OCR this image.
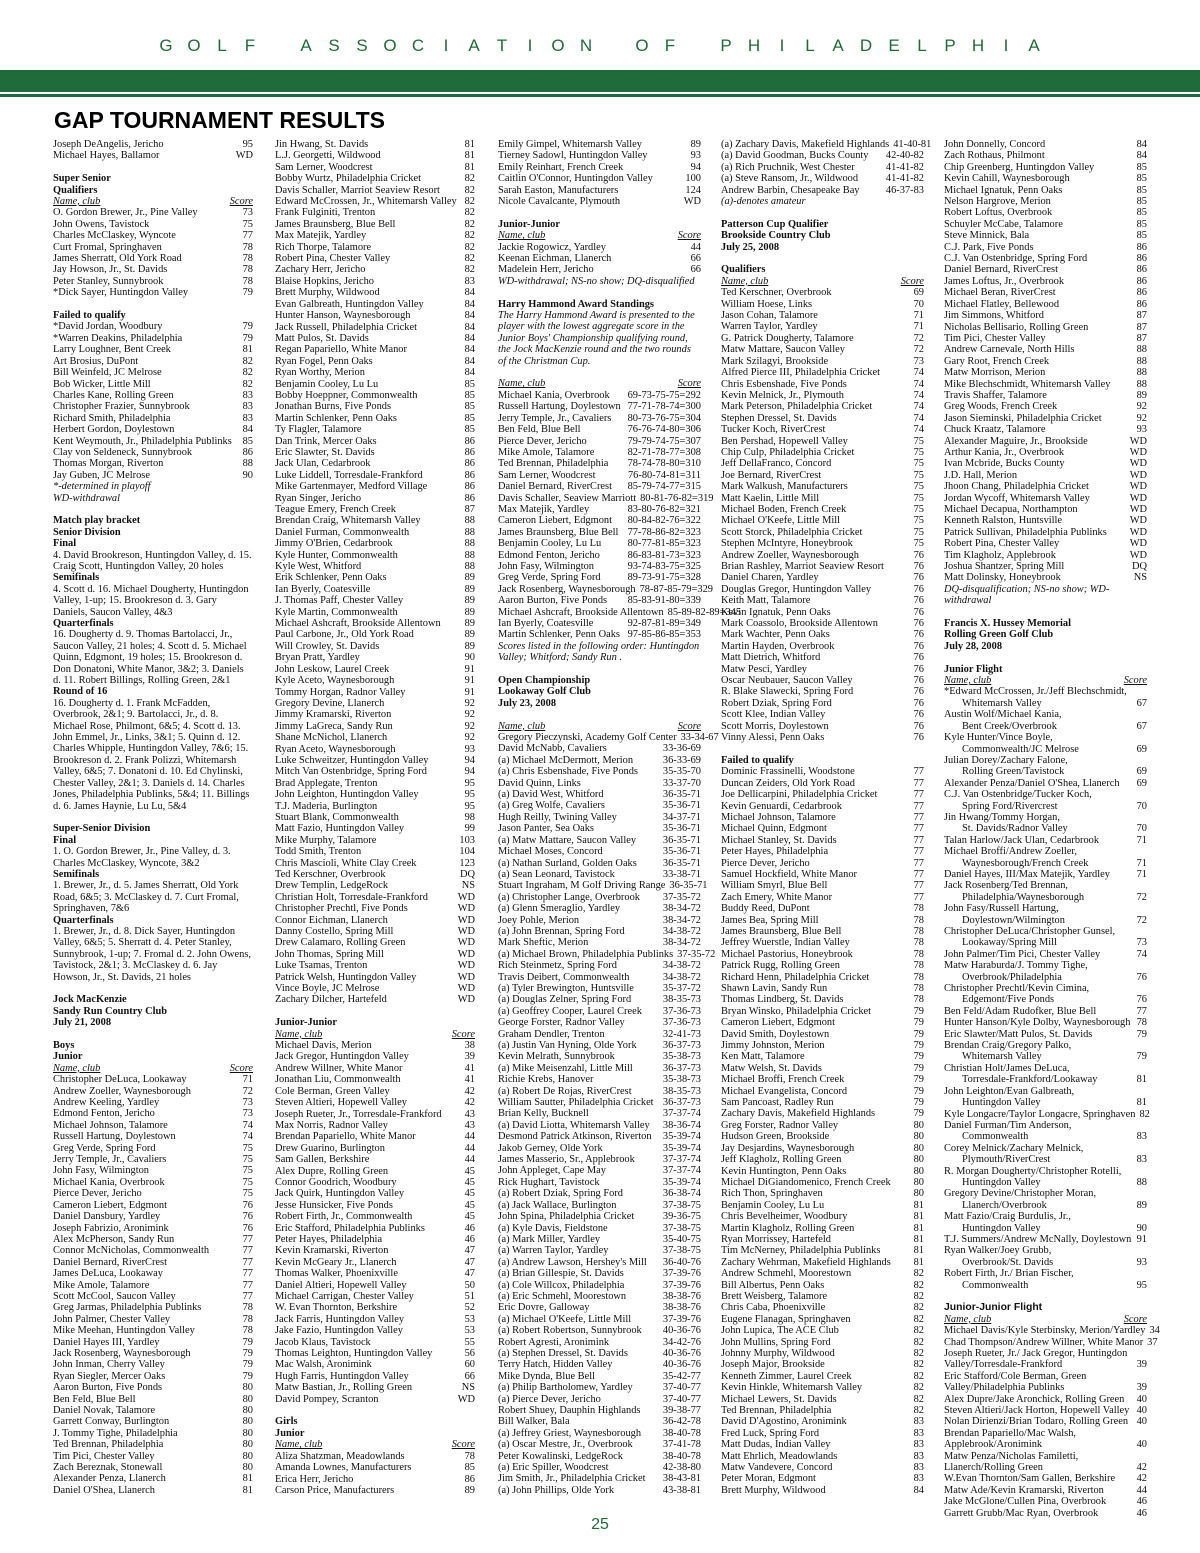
G O L F	A S S O C I A T I O N	O F	P H I L A D E L P H I A
GAP TOURNAMENT RESULTS
Joseph DeAngelis, Jericho	95
Michael Hayes, Ballamor	WD
Super Senior
Qualifiers
Name, club	Score
O. Gordon Brewer, Jr., Pine Valley	73
John Owens, Tavistock	75
Charles McClaskey, Wyncote	77
Curt Fromal, Springhaven	78
James Sherratt, Old York Road	78
Jay Howson, Jr., St. Davids	78
Peter Stanley, Sunnybrook	78
*Dick Sayer, Huntingdon Valley	79
Failed to qualify
*David Jordan, Woodbury	79
*Warren Deakins, Philadelphia	79
Larry Loughner, Bent Creek	81
Art Brosius, DuPont	82
Bill Weinfeld, JC Melrose	82
Bob Wicker, Little Mill	82
Charles Kane, Rolling Green	83
Christopher Frazier, Sunnybrook	83
Richard Smith, Philadelphia	83
Herbert Gordon, Doylestown	84
Kent Weymouth, Jr., Philadelphia Publinks	85
Clay von Seldeneck, Sunnybrook	86
Thomas Morgan, Riverton	88
Jay Guben, JC Melrose	90
*-determined in playoff
WD-withdrawal
Match play bracket
Senior Division
Final
4. David Brookreson, Huntingdon Valley, d. 15. Craig Scott, Huntingdon Valley, 20 holes
Semifinals
4. Scott d. 16. Michael Dougherty, Huntingdon Valley, 1-up; 15. Brookreson d. 3. Gary Daniels, Saucon Valley, 4&3
Quarterfinals
16. Dougherty d. 9. Thomas Bartolacci, Jr., Saucon Valley, 21 holes; 4. Scott d. 5. Michael Quinn, Edgmont, 19 holes; 15. Brookreson d. Don Donatoni, White Manor, 3&2; 3. Daniels d. 11. Robert Billings, Rolling Green, 2&1
Round of 16
16. Dougherty d. 1. Frank McFadden, Overbrook, 2&1; 9. Bartolacci, Jr., d. 8. Michael Rose, Philmont, 6&5; 4. Scott d. 13. John Emmel, Jr., Links, 3&1; 5. Quinn d. 12. Charles Whipple, Huntingdon Valley, 7&6; 15. Brookreson d. 2. Frank Polizzi, Whitemarsh Valley, 6&5; 7. Donatoni d. 10. Ed Chylinski, Chester Valley, 2&1; 3. Daniels d. 14. Charles Jones, Philadelphia Publinks, 5&4; 11. Billings d. 6. James Haynie, Lu Lu, 5&4
Super-Senior Division
Final
1. O. Gordon Brewer, Jr., Pine Valley, d. 3. Charles McClaskey, Wyncote, 3&2
Semifinals
1. Brewer, Jr., d. 5. James Sherratt, Old York Road, 6&5; 3. McClaskey d. 7. Curt Fromal, Springhaven, 7&6
Quarterfinals
1. Brewer, Jr., d. 8. Dick Sayer, Huntingdon Valley, 6&5; 5. Sherratt d. 4. Peter Stanley, Sunnybrook, 1-up; 7. Fromal d. 2. John Owens, Tavistock, 2&1; 3. McClaskey d. 6. Jay Howson, Jr., St. Davids, 21 holes
Jock MacKenzie
Sandy Run Country Club
July 21, 2008
Boys
Junior
Name, club	Score
Christopher DeLuca, Lookaway	71
Andrew Zoeller, Waynesborough	72
Andrew Keeling, Yardley	73
Edmond Fenton, Jericho	73
Michael Johnson, Talamore	74
Russell Hartung, Doylestown	74
Greg Verde, Spring Ford	75
Jerry Temple, Jr., Cavaliers	75
John Fasy, Wilmington	75
Michael Kania, Overbrook	75
Pierce Dever, Jericho	75
Cameron Liebert, Edgmont	76
Daniel Dansbury, Yardley	76
Joseph Fabrizio, Aronimink	76
Alex McPherson, Sandy Run	77
Connor McNicholas, Commonwealth	77
Daniel Bernard, RiverCrest	77
James DeLuca, Lookaway	77
Mike Amole, Talamore	77
Scott McCool, Saucon Valley	77
Greg Jarmas, Philadelphia Publinks	78
John Palmer, Chester Valley	78
Mike Meehan, Huntingdon Valley	78
Daniel Hayes III, Yardley	79
Jack Rosenberg, Waynesborough	79
John Inman, Cherry Valley	79
Ryan Siegler, Mercer Oaks	79
Aaron Burton, Five Ponds	80
Ben Feld, Blue Bell	80
Daniel Novak, Talamore	80
Garrett Conway, Burlington	80
J. Tommy Tighe, Philadelphia	80
Ted Brennan, Philadelphia	80
Tim Pici, Chester Valley	80
Zach Bereznak, Stonewall	80
Alexander Penza, Llanerch	81
Daniel O'Shea, Llanerch	81
Jin Hwang, St. Davids	81
L.J. Georgetti, Wildwood	81
Sam Lerner, Woodcrest	81
Bobby Wurtz, Philadelphia Cricket	82
Davis Schaller, Marriot Seaview Resort	82
Edward McCrossen, Jr., Whitemarsh Valley 82
Frank Fulginiti, Trenton	82
James Braunsberg, Blue Bell	82
Max Matejik, Yardley	82
Rich Thorpe, Talamore	82
Robert Pina, Chester Valley	82
Zachary Herr, Jericho	82
Blaise Hopkins, Jericho	83
Brett Murphy, Wildwood	84
Evan Galbreath, Huntingdon Valley	84
Hunter Hanson, Waynesborough	84
Jack Russell, Philadelphia Cricket	84
Matt Pulos, St. Davids	84
Regan Papariello, White Manor	84
Ryan Fogel, Penn Oaks	84
Ryan Worthy, Merion	84
Benjamin Cooley, Lu Lu	85
Bobby Hoeppner, Commonwealth	85
Jonathan Burns, Five Ponds	85
Martin Schlenker, Penn Oaks	85
Ty Flagler, Talamore	85
Dan Trink, Mercer Oaks	86
Eric Slawter, St. Davids	86
Jack Ulan, Cedarbrook	86
Luke Liddell, Torresdale-Frankford	86
Mike Gartenmayer, Medford Village	86
Ryan Singer, Jericho	86
Teague Emery, French Creek	87
Brendan Craig, Whitemarsh Valley	88
Daniel Furman, Commonwealth	88
Jimmy O'Brien, Cedarbrook	88
Kyle Hunter, Commonwealth	88
Kyle West, Whitford	88
Erik Schlenker, Penn Oaks	89
Ian Byerly, Coatesville	89
J. Thomas Paff, Chester Valley	89
Kyle Martin, Commonwealth	89
Michael Ashcraft, Brookside Allentown	89
Paul Carbone, Jr., Old York Road	89
Will Crowley, St. Davids	89
Bryan Pratt, Yardley	90
John Leskow, Laurel Creek	91
Kyle Aceto, Waynesborough	91
Tommy Horgan, Radnor Valley	91
Gregory Devine, Llanerch	92
Jimmy Kramarski, Riverton	92
Jimmy LaGreca, Sandy Run	92
Shane McNichol, Llanerch	92
Ryan Aceto, Waynesborough	93
Luke Schweitzer, Huntingdon Valley	94
Mitch Van Ostenbridge, Spring Ford	94
Brad Applegate, Trenton	95
John Leighton, Huntingdon Valley	95
T.J. Maderia, Burlington	95
Stuart Blank, Commonwealth	98
Matt Fazio, Huntingdon Valley	99
Mike Murphy, Talamore	103
Todd Smith, Trenton	104
Chris Mascioli, White Clay Creek	123
Ted Kerschner, Overbrook	DQ
Drew Templin, LedgeRock	NS
Christian Holt, Torresdale-Frankford	WD
Christopher Prechtl, Five Ponds	WD
Connor Eichman, Llanerch	WD
Danny Costello, Spring Mill	WD
Drew Calamaro, Rolling Green	WD
John Thomas, Spring Mill	WD
Luke Tsamas, Trenton	WD
Patrick Welsh, Huntingdon Valley	WD
Vince Boyle, JC Melrose	WD
Zachary Dilcher, Hartefeld	WD
Junior-Junior
Name, club	Score
Michael Davis, Merion	38
Jack Gregor, Huntingdon Valley	39
Andrew Willner, White Manor	41
Jonathan Liu, Commonwealth	41
Cole Berman, Green Valley	42
Steven Altieri, Hopewell Valley	42
Joseph Rueter, Jr., Torresdale-Frankford	43
Max Norris, Radnor Valley	43
Brendan Papariello, White Manor	44
Drew Guarino, Burlington	44
Sam Gallen, Berkshire	44
Alex Dupre, Rolling Green	45
Connor Goodrich, Woodbury	45
Jack Quirk, Huntingdon Valley	45
Jesse Hunsicker, Five Ponds	45
Robert Firth, Jr., Commonwealth	45
Eric Stafford, Philadelphia Publinks	46
Peter Hayes, Philadelphia	46
Kevin Kramarski, Riverton	47
Kevin McGeary Jr., Llanerch	47
Thomas Walker, Phoenixville	47
Daniel Altieri, Hopewell Valley	50
Michael Carrigan, Chester Valley	51
W. Evan Thornton, Berkshire	52
Jack Farris, Huntingdon Valley	53
Jake Fazio, Huntingdon Valley	53
Jacob Klaus, Tavistock	55
Thomas Leighton, Huntingdon Valley	56
Mac Walsh, Aronimink	60
Hugh Farris, Huntingdon Valley	66
Matw Bastian, Jr., Rolling Green	NS
David Pompey, Scranton	WD
Girls
Junior
Name, club	Score
Aliza Shatzman, Meadowlands	78
Amanda Lownes, Manufacturers	85
Erica Herr, Jericho	86
Carson Price, Manufacturers	89
Emily Gimpel, Whitemarsh Valley	89
Tierney Sadowl, Huntingdon Valley	93
Emily Reinhart, French Creek	94
Caitlin O'Connor, Huntingdon Valley	100
Sarah Easton, Manufacturers	124
Nicole Cavalcante, Plymouth	WD
Junior-Junior
Name, club	Score
Jackie Rogowicz, Yardley	44
Keenan Eichman, Llanerch	66
Madelein Herr, Jericho	66
WD-withdrawal; NS-no show; DQ-disqualified
Harry Hammond Award Standings
The Harry Hammond Award is presented to the player with the lowest aggregate score in the Junior Boys' Championship qualifying round, the Jock MacKenzie round and the two rounds of the Christman Cup.
Name, club	Score
Michael Kania, Overbrook	69-73-75-75=292
Russell Hartung, Doylestown 77-71-78-74=300
Jerry Temple, Jr., Cavaliers	80-73-76-75=304
Ben Feld, Blue Bell	76-76-74-80=306
Pierce Dever, Jericho	79-79-74-75=307
Mike Amole, Talamore	82-71-78-77=308
Ted Brennan, Philadelphia	78-74-78-80=310
Sam Lerner, Woodcrest	76-80-74-81=311
Daniel Bernard, RiverCrest	85-79-74-77=315
Davis Schaller, Seaview Marriott 80-81-76-82=319
Max Matejik, Yardley	83-80-76-82=321
Cameron Liebert, Edgmont	80-84-82-76=322
James Braunsberg, Blue Bell 77-78-86-82=323
Benjamin Cooley, Lu Lu	80-77-81-85=323
Edmond Fenton, Jericho	86-83-81-73=323
John Fasy, Wilmington	93-74-83-75=325
Greg Verde, Spring Ford	89-73-91-75=328
Jack Rosenberg, Waynesborough 78-87-85-79=329
Aaron Burton, Five Ponds	85-83-91-80=339
Michael Ashcraft, Brookside Allentown 85-89-82-89=345
Ian Byerly, Coatesville	92-87-81-89=349
Martin Schlenker, Penn Oaks 97-85-86-85=353
Scores listed in the following order: Huntingdon Valley; Whitford; Sandy Run .
Open Championship
Lookaway Golf Club
July 23, 2008
Name, club	Score
Gregory Pieczynski, Academy Golf Center 33-34-67
David McNabb, Cavaliers	33-36-69
(a) Michael McDermott, Merion	36-33-69
(a) Chris Esbenshade, Five Ponds	35-35-70
David Quinn, Links	33-37-70
(a) David West, Whitford	36-35-71
(a) Greg Wolfe, Cavaliers	35-36-71
Hugh Reilly, Twining Valley	34-37-71
Jason Panter, Sea Oaks	35-36-71
(a) Matw Mattare, Saucon Valley	36-35-71
Michael Moses, Concord	35-36-71
(a) Nathan Surland, Golden Oaks	36-35-71
(a) Sean Leonard, Tavistock	33-38-71
Stuart Ingraham, M Golf Driving Range 36-35-71
(a) Christopher Lange, Overbrook	37-35-72
(a) Glenn Smeraglio, Yardley	38-34-72
Joey Pohle, Merion	38-34-72
(a) John Brennan, Spring Ford	34-38-72
Mark Sheftic, Merion	38-34-72
(a) Michael Brown, Philadelphia Publinks 37-35-72
Rich Steinmetz, Spring Ford	34-38-72
Travis Deibert, Commonwealth	34-38-72
(a) Tyler Brewington, Huntsville	35-37-72
(a) Douglas Zelner, Spring Ford	38-35-73
(a) Geoffrey Cooper, Laurel Creek	37-36-73
George Forster, Radnor Valley	37-36-73
Graham Dendler, Trenton	32-41-73
(a) Justin Van Hyning, Olde York	36-37-73
Kevin Melrath, Sunnybrook	35-38-73
(a) Mike Meisenzahl, Little Mill	36-37-73
Richie Krebs, Hanover	35-38-73
(a) Robert De Rojas, RiverCrest	38-35-73
William Sautter, Philadelphia Cricket 36-37-73
Brian Kelly, Bucknell	37-37-74
(a) David Liotta, Whitemarsh Valley	38-36-74
Desmond Patrick Atkinson, Riverton	35-39-74
Jakob Gerney, Olde York	35-39-74
James Masserio, Sr., Applebrook	37-37-74
John Appleget, Cape May	37-37-74
Rick Hughart, Tavistock	35-39-74
(a) Robert Dziak, Spring Ford	36-38-74
(a) Jack Wallace, Burlington	37-38-75
John Spina, Philadelphia Cricket	39-36-75
(a) Kyle Davis, Fieldstone	37-38-75
(a) Mark Miller, Yardley	35-40-75
(a) Warren Taylor, Yardley	37-38-75
(a) Andrew Lawson, Hershey's Mill	36-40-76
(a) Brian Gillespie, St. Davids	37-39-76
(a) Cole Willcox, Philadelphia	37-39-76
(a) Eric Schmehl, Moorestown	38-38-76
Eric Dovre, Galloway	38-38-76
(a) Michael O'Keefe, Little Mill	37-39-76
(a) Robert Robertson, Sunnybrook	40-36-76
Robert Agresti, Aronimink	34-42-76
(a) Stephen Dressel, St. Davids	40-36-76
Terry Hatch, Hidden Valley	40-36-76
Mike Dynda, Blue Bell	35-42-77
(a) Philip Bartholomew, Yardley	37-40-77
(a) Pierce Dever, Jericho	37-40-77
Robert Shuey, Dauphin Highlands	39-38-77
Bill Walker, Bala	36-42-78
(a) Jeffrey Griest, Waynesborough	38-40-78
(a) Oscar Mestre, Jr., Overbrook	37-41-78
Peter Kowalinski, LedgeRock	38-40-78
(a) Eric Spiller, Woodcrest	42-38-80
Jim Smith, Jr., Philadelphia Cricket	38-43-81
(a) John Phillips, Olde York	43-38-81
(a) Zachary Davis, Makefield Highlands 41-40-81
(a) David Goodman, Bucks County	42-40-82
(a) Rich Pruchnik, West Chester	41-41-82
(a) Steve Ransom, Jr., Wildwood	41-41-82
Andrew Barbin, Chesapeake Bay	46-37-83
(a)-denotes amateur
Patterson Cup Qualifier
Brookside Country Club
July 25, 2008
Qualifiers
Name, club	Score
Ted Kerschner, Overbrook	69
William Hoese, Links	70
Jason Cohan, Talamore	71
Warren Taylor, Yardley	71
G. Patrick Dougherty, Talamore	72
Matw Mattare, Saucon Valley	72
Mark Szilagyi, Brookside	73
Alfred Pierce III, Philadelphia Cricket	74
Chris Esbenshade, Five Ponds	74
Kevin Melnick, Jr., Plymouth	74
Mark Peterson, Philadelphia Cricket	74
Stephen Dressel, St. Davids	74
Tucker Koch, RiverCrest	74
Ben Pershad, Hopewell Valley	75
Chip Culp, Philadelphia Cricket	75
Jeff DellaFranco, Concord	75
Joe Bernard, RiverCrest	75
Mark Walkush, Manufacturers	75
Matt Kaelin, Little Mill	75
Michael Boden, French Creek	75
Michael O'Keefe, Little Mill	75
Scott Storck, Philadelphia Cricket	75
Stephen McIntyre, Honeybrook	75
Andrew Zoeller, Waynesborough	76
Brian Rashley, Marriot Seaview Resort	76
Daniel Charen, Yardley	76
Douglas Gregor, Huntingdon Valley	76
Keith Matt, Talamore	76
Kevin Ignatuk, Penn Oaks	76
Mark Coassolo, Brookside Allentown	76
Mark Wachter, Penn Oaks	76
Martin Hayden, Overbrook	76
Matt Dietrich, Whitford	76
Matw Pesci, Yardley	76
Oscar Neubauer, Saucon Valley	76
R. Blake Slawecki, Spring Ford	76
Robert Dziak, Spring Ford	76
Scott Klee, Indian Valley	76
Scott Morris, Doylestown	76
Vinny Alessi, Penn Oaks	76
Failed to qualify
Dominic Frassinelli, Woodstone	77
Duncan Zeiders, Old York Road	77
Joe Dellicarpini, Philadelphia Cricket	77
Kevin Genuardi, Cedarbrook	77
Michael Johnson, Talamore	77
Michael Quinn, Edgmont	77
Michael Stanley, St. Davids	77
Peter Hayes, Philadelphia	77
Pierce Dever, Jericho	77
Samuel Hockfield, White Manor	77
William Smyrl, Blue Bell	77
Zach Emery, White Manor	77
Buddy Reed, DuPont	78
James Bea, Spring Mill	78
James Braunsberg, Blue Bell	78
Jeffrey Wuerstle, Indian Valley	78
Michael Pastorius, Honeybrook	78
Patrick Rugg, Rolling Green	78
Richard Henn, Philadelphia Cricket	78
Shawn Lavin, Sandy Run	78
Thomas Lindberg, St. Davids	78
Bryan Winsko, Philadelphia Cricket	79
Cameron Liebert, Edgmont	79
David Smith, Doylestown	79
Jimmy Johnston, Merion	79
Ken Matt, Talamore	79
Matw Welsh, St. Davids	79
Michael Broffi, French Creek	79
Michael Evangelista, Concord	79
Sam Pancoast, Radley Run	79
Zachary Davis, Makefield Highlands	79
Greg Forster, Radnor Valley	80
Hudson Green, Brookside	80
Jay Desjardins, Waynesborough	80
Jeff Klagholz, Rolling Green	80
Kevin Huntington, Penn Oaks	80
Michael DiGiandomenico, French Creek	80
Rich Thon, Springhaven	80
Benjamin Cooley, Lu Lu	81
Chris Bevelheimer, Woodbury	81
Martin Klagholz, Rolling Green	81
Ryan Morrissey, Hartefeld	81
Tim McNerney, Philadelphia Publinks	81
Zachary Wehrman, Makefield Highlands	81
Andrew Schmehl, Moorestown	82
Bill Albertus, Penn Oaks	82
Brett Weisberg, Talamore	82
Chris Caba, Phoenixville	82
Eugene Flanagan, Springhaven	82
John Lupica, The ACE Club	82
John Mullins, Spring Ford	82
Johnny Murphy, Wildwood	82
Joseph Major, Brookside	82
Kenneth Zimmer, Laurel Creek	82
Kevin Hinkle, Whitemarsh Valley	82
Michael Lewers, St. Davids	82
Ted Brennan, Philadelphia	82
David D'Agostino, Aronimink	83
Fred Luck, Spring Ford	83
Matt Dudas, Indian Valley	83
Matt Ehrlich, Meadowlands	83
Matw Vandevere, Concord	83
Peter Moran, Edgmont	83
Brett Murphy, Wildwood	84
John Donnelly, Concord	84
Zach Rothaus, Philmont	84
Chip Greenberg, Huntingdon Valley	85
Kevin Cahill, Waynesborough	85
Michael Ignatuk, Penn Oaks	85
Nelson Hargrove, Merion	85
Robert Loftus, Overbrook	85
Schuyler McCabe, Talamore	85
Steve Minnick, Bala	85
C.J. Park, Five Ponds	86
C.J. Van Ostenbridge, Spring Ford	86
Daniel Bernard, RiverCrest	86
James Loftus, Jr., Overbrook	86
Michael Beran, RiverCrest	86
Michael Flatley, Bellewood	86
Jim Simmons, Whitford	87
Nicholas Bellisario, Rolling Green	87
Tim Pici, Chester Valley	87
Andrew Carnevale, North Hills	88
Gary Root, French Creek	88
Matw Morrison, Merion	88
Mike Blechschmidt, Whitemarsh Valley	88
Travis Shaffer, Talamore	89
Greg Woods, French Creek	92
Jason Sieminski, Philadelphia Cricket	92
Chuck Kraatz, Talamore	93
Alexander Maguire, Jr., Brookside	WD
Arthur Kania, Jr., Overbrook	WD
Ivan Mcbride, Bucks County	WD
J.D. Hall, Merion	WD
Jhoon Chang, Philadelphia Cricket	WD
Jordan Wycoff, Whitemarsh Valley	WD
Michael Decapua, Northampton	WD
Kenneth Ralston, Huntsville	WD
Patrick Sullivan, Philadelphia Publinks	WD
Robert Pina, Chester Valley	WD
Tim Klagholz, Applebrook	WD
Joshua Shantzer, Spring Mill	DQ
Matt Dolinsky, Honeybrook	NS
DQ-disqualification; NS-no show; WD-withdrawal
Francis X. Hussey Memorial
Rolling Green Golf Club
July 28, 2008
Junior Flight
Name, club	Score
*Edward McCrossen, Jr./Jeff Blechschmidt,
Whitemarsh Valley	67
Austin Wolf/Michael Kania,
Bent Creek/Overbrook	67
Kyle Hunter/Vince Boyle,
Commonwealth/JC Melrose	69
Julian Dorey/Zachary Falone,
Rolling Green/Tavistock	69
Alexander Penza/Daniel O'Shea, Llanerch	69
C.J. Van Ostenbridge/Tucker Koch,
Spring Ford/Rivercrest	70
Jin Hwang/Tommy Horgan,
St. Davids/Radnor Valley	70
Talan Harlow/Jack Ulan, Cedarbrook	71
Michael Broffi/Andrew Zoeller,
Waynesborough/French Creek	71
Daniel Hayes, III/Max Matejik, Yardley	71
Jack Rosenberg/Ted Brennan,
Philadelphia/Waynesborough	72
John Fasy/Russell Hartung,
Doylestown/Wilmington	72
Christopher DeLuca/Christopher Gunsel,
Lookaway/Spring Mill	73
John Palmer/Tim Pici, Chester Valley	74
Matw Haraburda/J. Tommy Tighe,
Overbrook/Philadelphia	76
Christopher Prechtl/Kevin Cimina,
Edgemont/Five Ponds	76
Ben Feld/Adam Rudofker, Blue Bell	77
Hunter Hanson/Kyle Dolby, Waynesborough 78
Eric Slawter/Matt Pulos, St. Davids	79
Brendan Craig/Gregory Palko,
Whitemarsh Valley	79
Christian Holt/James DeLuca,
Torresdale-Frankford/Lookaway	81
John Leighton/Evan Galbreath,
Huntingdon Valley	81
Kyle Longacre/Taylor Longacre, Springhaven 82
Daniel Furman/Tim Anderson,
Commonwealth	83
Corey Melnick/Zachary Melnick,
Plymouth/RiverCrest	83
R. Morgan Dougherty/Christopher Rotelli,
Huntingdon Valley	88
Gregory Devine/Christopher Moran,
Llanerch/Overbrook	89
Matt Fazio/Craig Burdulis, Jr.,
Huntingdon Valley	90
T.J. Summers/Andrew McNally, Doylestown 91
Ryan Walker/Joey Grubb,
Overbrook/St. Davids	93
Robert Firth, Jr./ Brian Fischer,
Commonwealth	95
Junior-Junior Flight
Name, club	Score
Michael Davis/Kyle Sterbinsky, Merion/Yardley 34
Chad Thompson/Andrew Willner, White Manor 37
Joseph Rueter, Jr./ Jack Gregor, Huntingdon
Valley/Torresdale-Frankford	39
Eric Stafford/Cole Berman, Green
Valley/Philadelphia Publinks	39
Alex Dupre/Jake Aronchick, Rolling Green	40
Steven Altieri/Jack Horton, Hopewell Valley 40
Nolan Dirienzi/Brian Todaro, Rolling Green 40
Brendan Papariello/Mac Walsh,
Applebrook/Aronimink	40
Matw Penza/Nicholas Familetti,
Llanerch/Rolling Green	42
W.Evan Thornton/Sam Gallen, Berkshire	42
Matw Ade/Kevin Kramarski, Riverton	44
Jake McGlone/Cullen Pina, Overbrook	46
Garrett Grubb/Mac Ryan, Overbrook	46
25
